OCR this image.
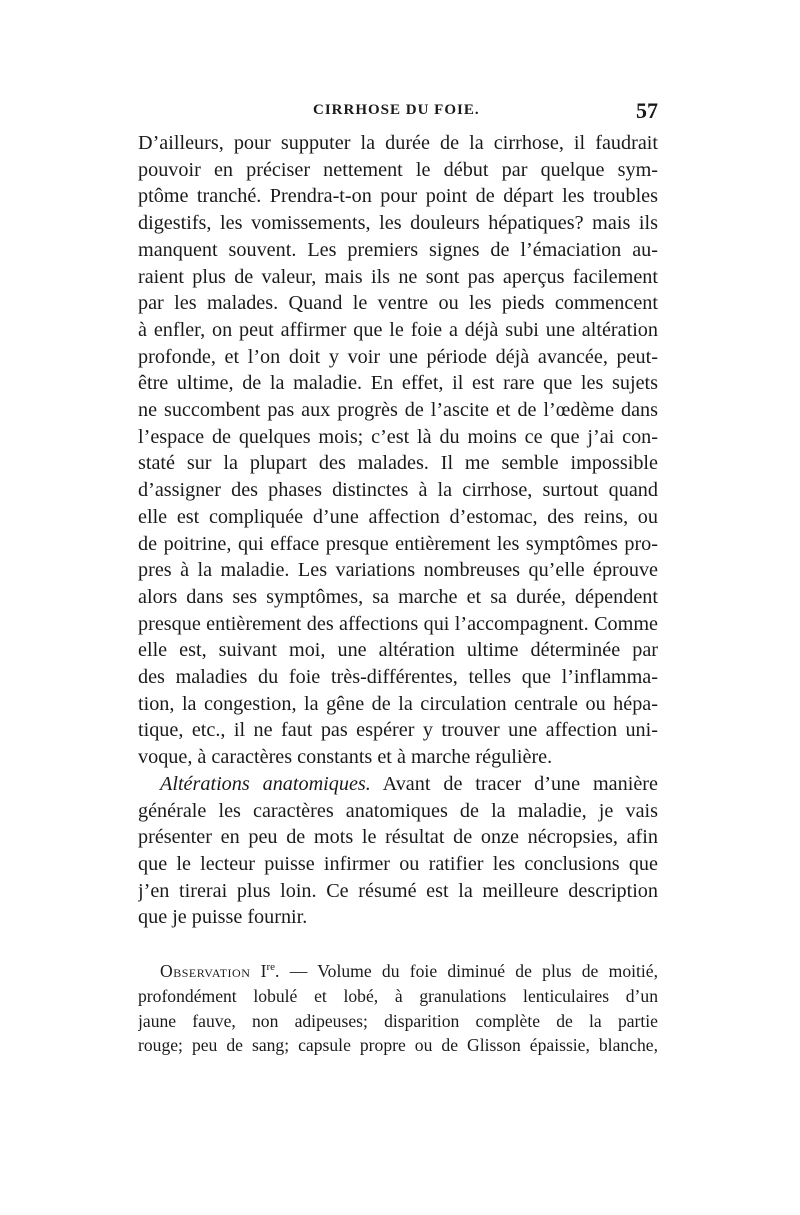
CIRRHOSE DU FOIE.	57
D’ailleurs, pour supputer la durée de la cirrhose, il faudrait
pouvoir en préciser nettement le début par quelque sym-
ptôme tranché. Prendra-t-on pour point de départ les troubles
digestifs, les vomissements, les douleurs hépatiques? mais ils
manquent souvent. Les premiers signes de l’émaciation au-
raient plus de valeur, mais ils ne sont pas aperçus facilement
par les malades. Quand le ventre ou les pieds commencent
à enfler, on peut affirmer que le foie a déjà subi une altération
profonde, et l’on doit y voir une période déjà avancée, peut-
être ultime, de la maladie. En effet, il est rare que les sujets
ne succombent pas aux progrès de l’ascite et de l’œdème dans
l’espace de quelques mois; c’est là du moins ce que j’ai con-
staté sur la plupart des malades. Il me semble impossible
d’assigner des phases distinctes à la cirrhose, surtout quand
elle est compliquée d’une affection d’estomac, des reins, ou
de poitrine, qui efface presque entièrement les symptômes pro-
pres à la maladie. Les variations nombreuses qu’elle éprouve
alors dans ses symptômes, sa marche et sa durée, dépendent
presque entièrement des affections qui l’accompagnent. Comme
elle est, suivant moi, une altération ultime déterminée par
des maladies du foie très-différentes, telles que l’inflamma-
tion, la congestion, la gêne de la circulation centrale ou hépa-
tique, etc., il ne faut pas espérer y trouver une affection uni-
voque, à caractères constants et à marche régulière.
Altérations anatomiques. Avant de tracer d’une manière
générale les caractères anatomiques de la maladie, je vais
présenter en peu de mots le résultat de onze nécropsies, afin
que le lecteur puisse infirmer ou ratifier les conclusions que
j’en tirerai plus loin. Ce résumé est la meilleure description
que je puisse fournir.
Observation Ire. — Volume du foie diminué de plus de moitié,
profondément lobulé et lobé, à granulations lenticulaires d’un
jaune fauve, non adipeuses; disparition complète de la partie
rouge; peu de sang; capsule propre ou de Glisson épaissie, blanche,
